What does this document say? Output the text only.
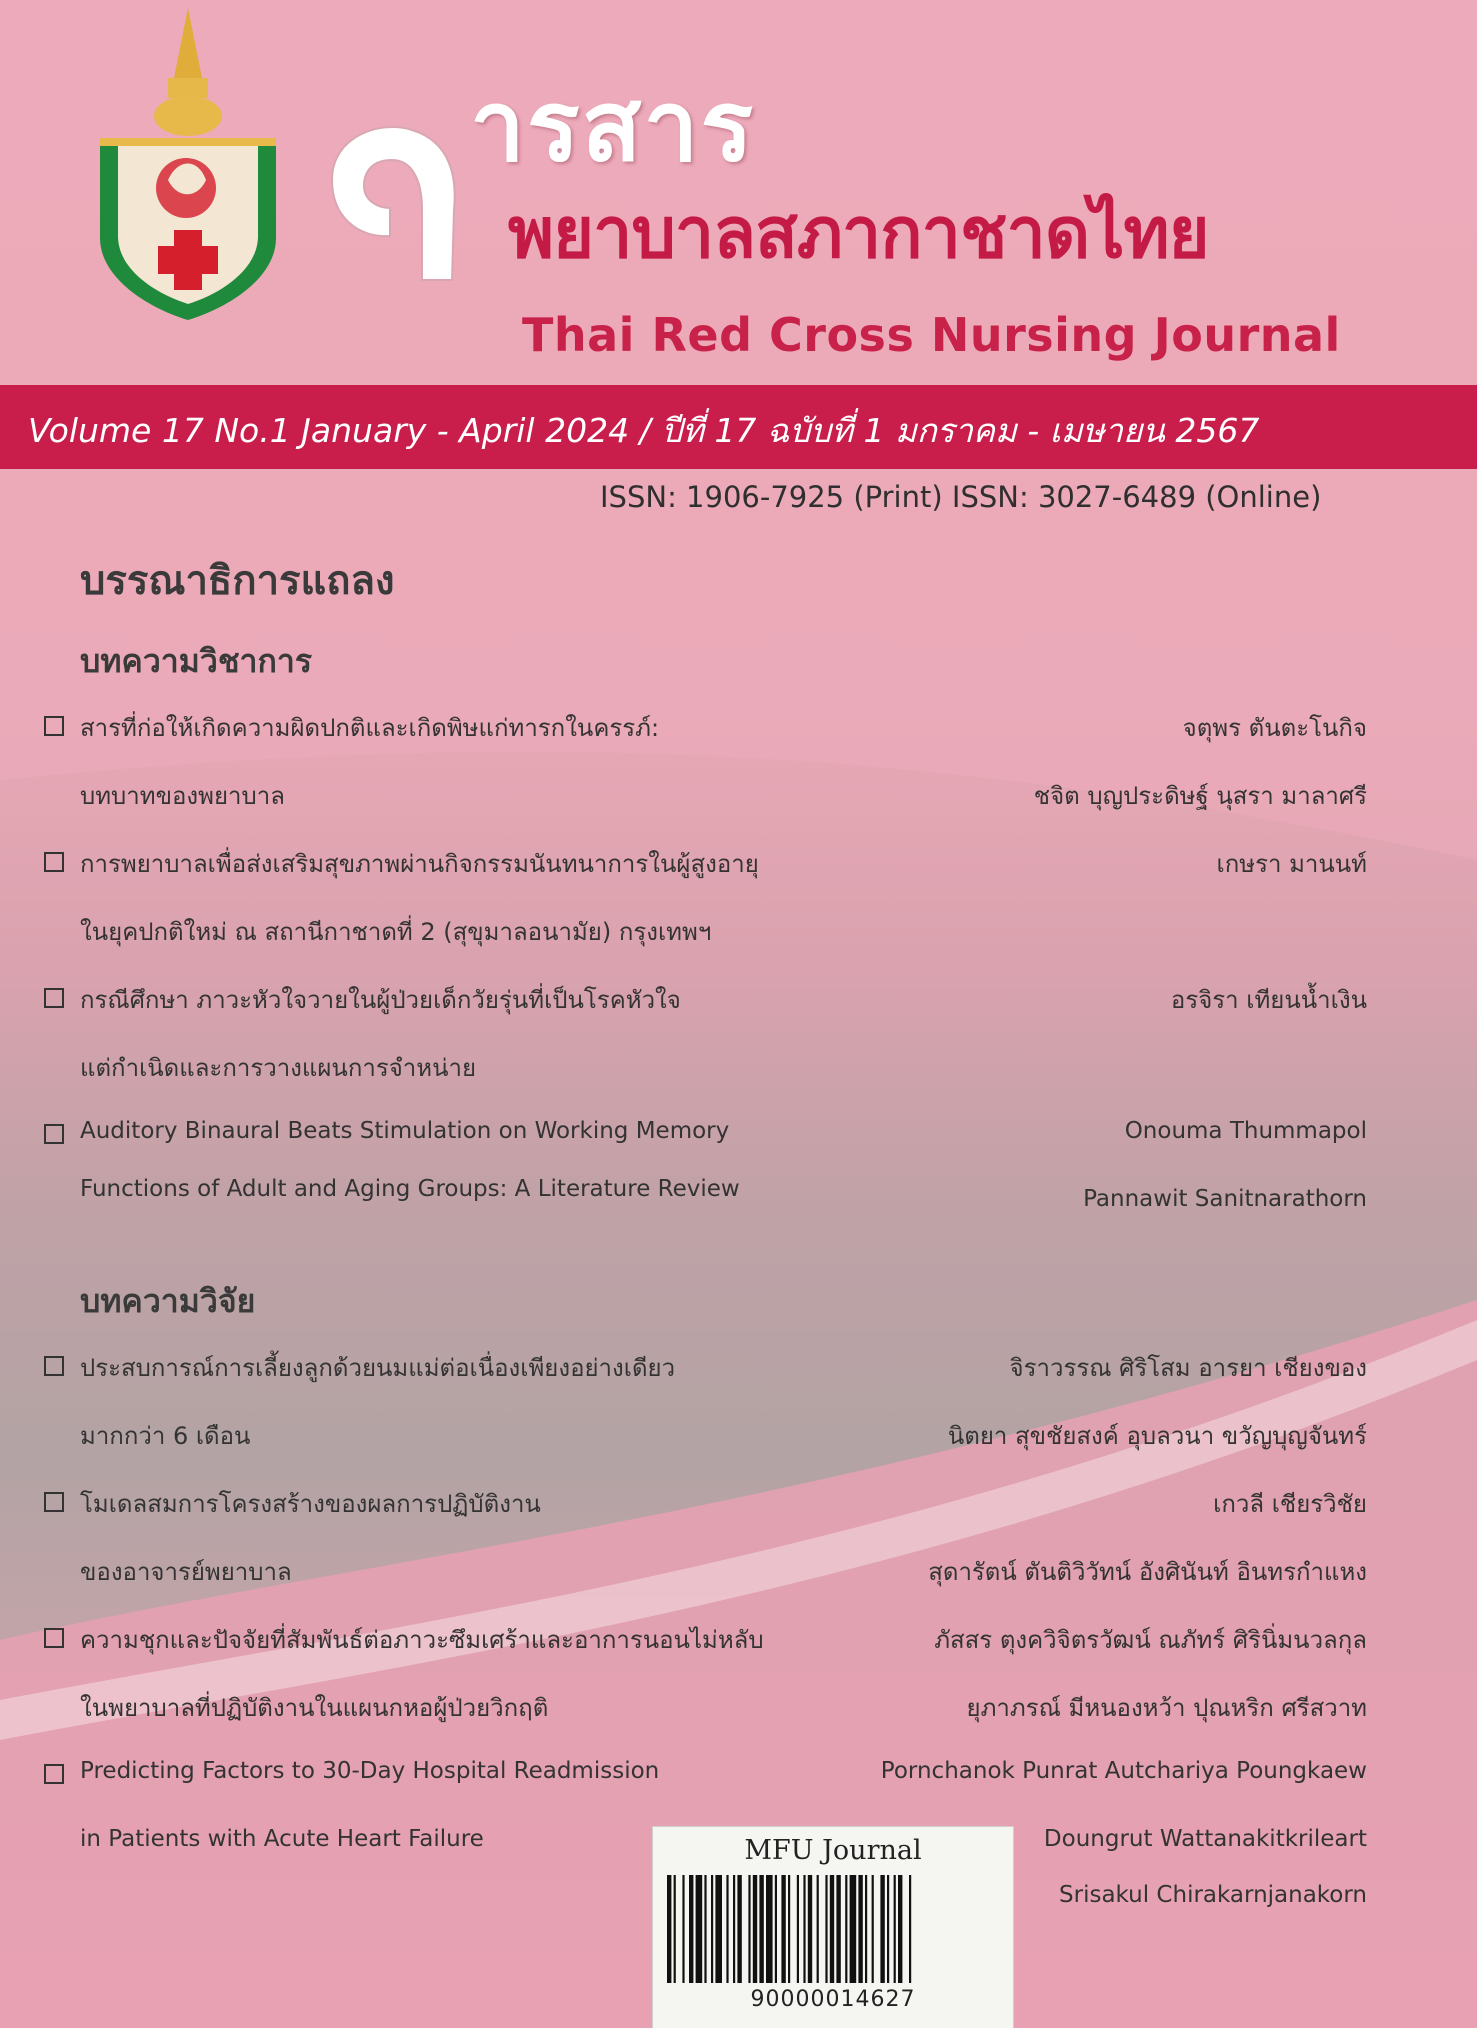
ารสาร
พยาบาลสภากาชาดไทย
Thai Red Cross Nursing Journal
Volume 17 No.1 January - April 2024 / ปีที่ 17 ฉบับที่ 1 มกราคม - เมษายน 2567
ISSN: 1906-7925 (Print) ISSN: 3027-6489 (Online)
บรรณาธิการแถลง
บทความวิชาการ
สารที่ก่อให้เกิดความผิดปกติและเกิดพิษแก่ทารกในครรภ์:
บทบาทของพยาบาล
จตุพร ตันตะโนกิจ
ชจิต บุญประดิษฐ์ นุสรา มาลาศรี
การพยาบาลเพื่อส่งเสริมสุขภาพผ่านกิจกรรมนันทนาการในผู้สูงอายุ
ในยุคปกติใหม่ ณ สถานีกาชาดที่ 2 (สุขุมาลอนามัย) กรุงเทพฯ
เกษรา มานนท์
กรณีศึกษา ภาวะหัวใจวายในผู้ป่วยเด็กวัยรุ่นที่เป็นโรคหัวใจ
แต่กำเนิดและการวางแผนการจำหน่าย
อรจิรา เทียนน้ำเงิน
Auditory Binaural Beats Stimulation on Working Memory
Functions of Adult and Aging Groups: A Literature Review
Onouma Thummapol
Pannawit Sanitnarathorn
บทความวิจัย
ประสบการณ์การเลี้ยงลูกด้วยนมแม่ต่อเนื่องเพียงอย่างเดียว
มากกว่า 6 เดือน
จิราวรรณ ศิริโสม อารยา เชียงของ
นิตยา สุขชัยสงค์ อุบลวนา ขวัญบุญจันทร์
โมเดลสมการโครงสร้างของผลการปฏิบัติงาน
ของอาจารย์พยาบาล
เกวลี เชียรวิชัย
สุดารัตน์ ตันติวิวัทน์ อังศินันท์ อินทรกำแหง
ความชุกและปัจจัยที่สัมพันธ์ต่อภาวะซึมเศร้าและอาการนอนไม่หลับ
ในพยาบาลที่ปฏิบัติงานในแผนกหอผู้ป่วยวิกฤติ
ภัสสร ตุงควิจิตรวัฒน์ ณภัทร์ ศิรินิ่มนวลกุล
ยุภาภรณ์ มีหนองหว้า ปุณหริก ศรีสวาท
Predicting Factors to 30-Day Hospital Readmission
in Patients with Acute Heart Failure
Pornchanok Punrat Autchariya Poungkaew
Doungrut Wattanakitkrileart
Srisakul Chirakarnjanakorn
MFU Journal
90000014627
